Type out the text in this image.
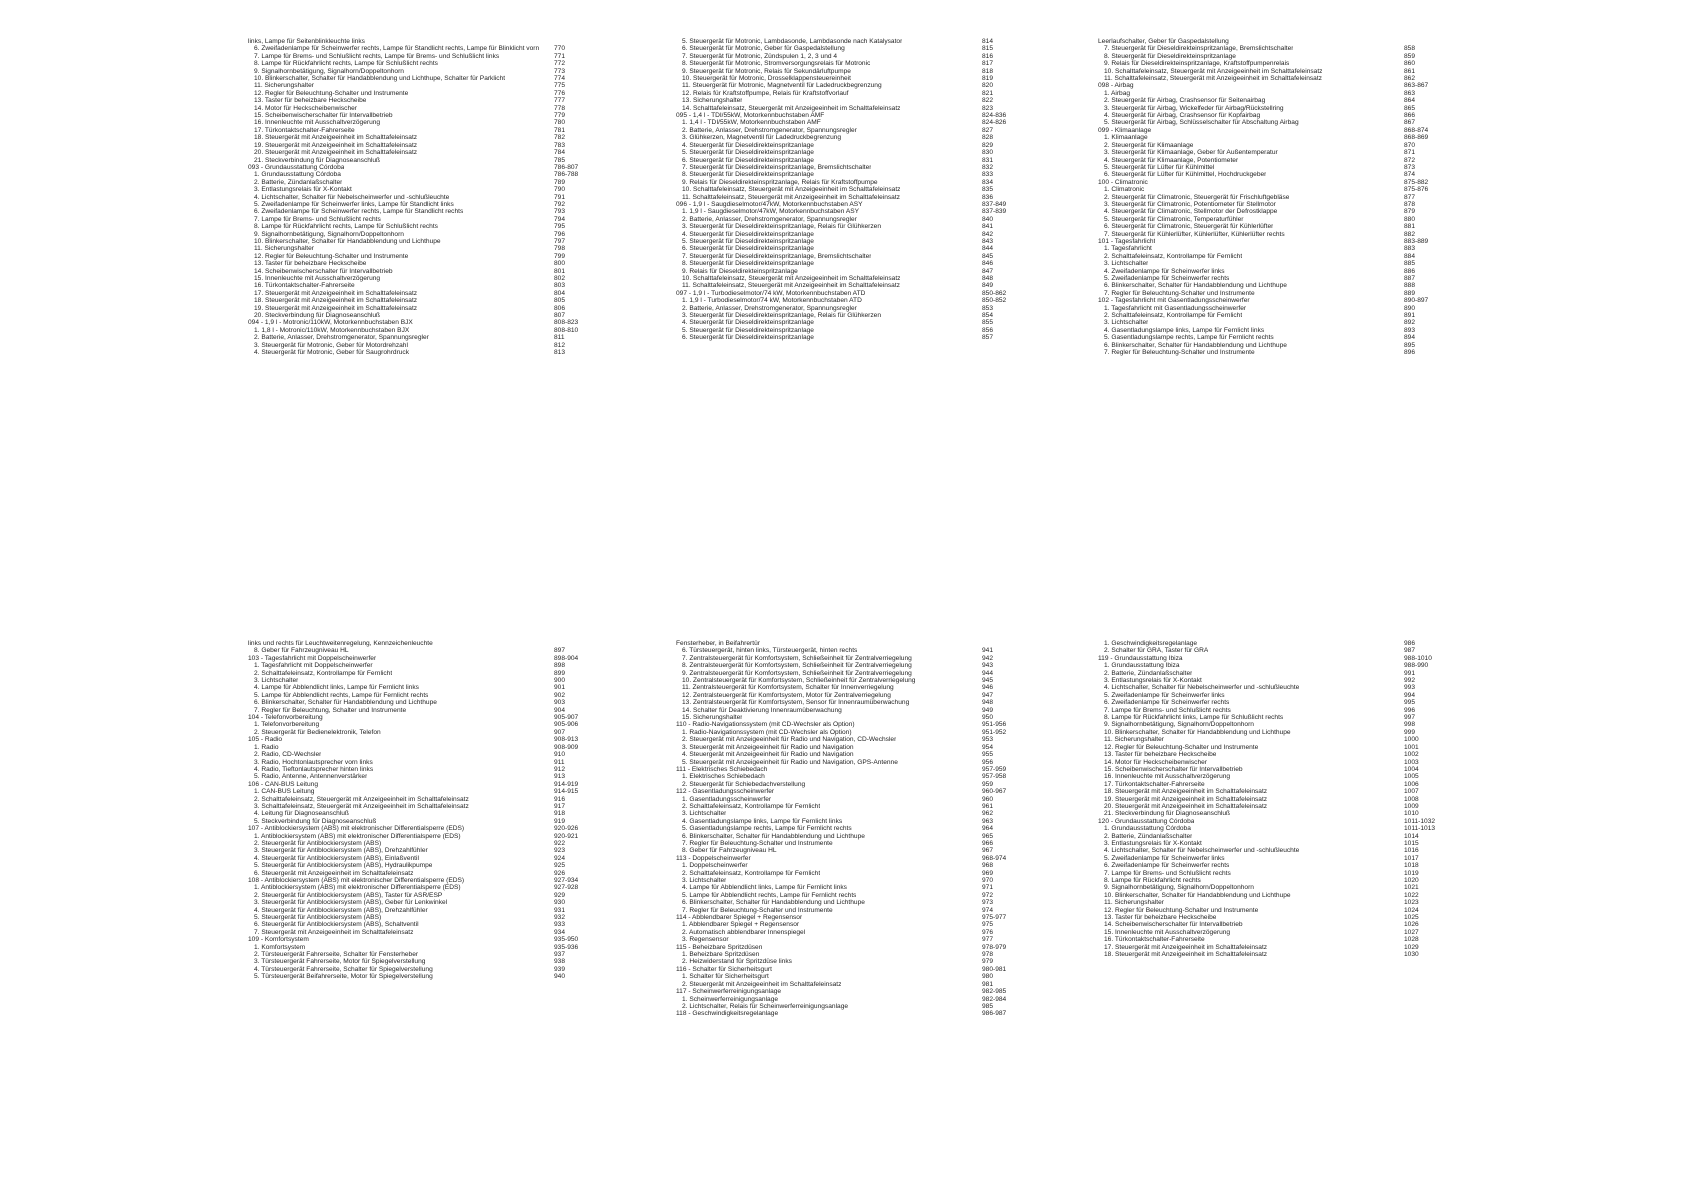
links, Lampe für Seitenblinkleuchte links
6. Zweifadenlampe für Scheinwerfer rechts, Lampe für Standlicht rechts, Lampe für Blinklicht vorn 770
7. Lampe für Brems- und Schlußlicht rechts, Lampe für Brems- und Schlußlicht links	771
8. Lampe für Rückfahrlicht rechts, Lampe für Schlußlicht rechts	772
9. Signalhornbetätigung, Signalhorn/Doppeltonhorn	773
10. Blinkerschalter, Schalter für Handabblendung und Lichthupe, Schalter für Parklicht	774
11. Sicherungshalter	775
12. Regler für Beleuchtung-Schalter und Instrumente	776
13. Taster für beheizbare Heckscheibe	777
14. Motor für Heckscheibenwischer	778
15. Scheibenwischerschalter für Intervallbetrieb	779
16. Innenleuchte mit Ausschaltverzögerung	780
17. Türkontaktschalter-Fahrerseite	781
18. Steuergerät mit Anzeigeeinheit im Schalttafeleinsatz	782
19. Steuergerät mit Anzeigeeinheit im Schalttafeleinsatz	783
20. Steuergerät mit Anzeigeeinheit im Schalttafeleinsatz	784
21. Steckverbindung für Diagnoseanschluß	785
093 - Grundausstattung Córdoba	786-807
1. Grundausstattung Córdoba	786-788
2. Batterie, Zündanlaßschalter	789
3. Entlastungsrelais für X-Kontakt	790
4. Lichtschalter, Schalter für Nebelscheinwerfer und -schlußleuchte	791
5. Zweifadenlampe für Scheinwerfer links, Lampe für Standlicht links	792
6. Zweifadenlampe für Scheinwerfer rechts, Lampe für Standlicht rechts	793
7. Lampe für Brems- und Schlußlicht rechts	794
8. Lampe für Rückfahrlicht rechts, Lampe für Schlußlicht rechts	795
9. Signalhornbetätigung, Signalhorn/Doppeltonhorn	796
10. Blinkerschalter, Schalter für Handabblendung und Lichthupe	797
11. Sicherungshalter	798
12. Regler für Beleuchtung-Schalter und Instrumente	799
13. Taster für beheizbare Heckscheibe	800
14. Scheibenwischerschalter für Intervallbetrieb	801
15. Innenleuchte mit Ausschaltverzögerung	802
16. Türkontaktschalter-Fahrerseite	803
17. Steuergerät mit Anzeigeeinheit im Schalttafeleinsatz	804
18. Steuergerät mit Anzeigeeinheit im Schalttafeleinsatz	805
19. Steuergerät mit Anzeigeeinheit im Schalttafeleinsatz	806
20. Steckverbindung für Diagnoseanschluß	807
094 - 1,9 l - Motronic/110kW, Motorkennbuchstaben BJX	808-823
1. 1,8 l - Motronic/110kW, Motorkennbuchstaben BJX	808-810
2. Batterie, Anlasser, Drehstromgenerator, Spannungsregler	811
3. Steuergerät für Motronic, Geber für Motordrehzahl	812
4. Steuergerät für Motronic, Geber für Saugrohrdruck	813
5. Steuergerät für Motronic, Lambdasonde, Lambdasonde nach Katalysator	814
6. Steuergerät für Motronic, Geber für Gaspedalstellung	815
7. Steuergerät für Motronic, Zündspulen 1, 2, 3 und 4	816
8. Steuergerät für Motronic, Stromversorgungsrelais für Motronic	817
9. Steuergerät für Motronic, Relais für Sekundärluftpumpe	818
10. Steuergerät für Motronic, Drosselklappensteuereinheit	819
11. Steuergerät für Motronic, Magnetventil für Ladedruckbegrenzung	820
12. Relais für Kraftstoffpumpe, Relais für Kraftstoffvorlauf	821
13. Sicherungshalter	822
14. Schalttafeleinsatz, Steuergerät mit Anzeigeeinheit im Schalttafeleinsatz	823
095 - 1,4 l - TDI/55kW, Motorkennbuchstaben AMF	824-836
1. 1,4 l - TDI/55kW, Motorkennbuchstaben AMF	824-826
2. Batterie, Anlasser, Drehstromgenerator, Spannungsregler	827
3. Glühkerzen, Magnetventil für Ladedruckbegrenzung	828
4. Steuergerät für Dieseldirekteinspritzanlage	829
5. Steuergerät für Dieseldirekteinspritzanlage	830
6. Steuergerät für Dieseldirekteinspritzanlage	831
7. Steuergerät für Dieseldirekteinspritzanlage, Bremslichtschalter	832
8. Steuergerät für Dieseldirekteinspritzanlage	833
9. Relais für Dieseldirekteinspritzanlage, Relais für Kraftstoffpumpe	834
10. Schalttafeleinsatz, Steuergerät mit Anzeigeeinheit im Schalttafeleinsatz	835
11. Schalttafeleinsatz, Steuergerät mit Anzeigeeinheit im Schalttafeleinsatz	836
096 - 1,9 l - Saugdieselmotor/47kW, Motorkennbuchstaben ASY	837-849
1. 1,9 l - Saugdieselmotor/47kW, Motorkennbuchstaben ASY	837-839
2. Batterie, Anlasser, Drehstromgenerator, Spannungsregler	840
3. Steuergerät für Dieseldirekteinspritzanlage, Relais für Glühkerzen	841
4. Steuergerät für Dieseldirekteinspritzanlage	842
5. Steuergerät für Dieseldirekteinspritzanlage	843
6. Steuergerät für Dieseldirekteinspritzanlage	844
7. Steuergerät für Dieseldirekteinspritzanlage, Bremslichtschalter	845
8. Steuergerät für Dieseldirekteinspritzanlage	846
9. Relais für Dieseldirekteinspritzanlage	847
10. Schalttafeleinsatz, Steuergerät mit Anzeigeeinheit im Schalttafeleinsatz	848
11. Schalttafeleinsatz, Steuergerät mit Anzeigeeinheit im Schalttafeleinsatz	849
097 - 1,9 l - Turbodieselmotor/74 kW, Motorkennbuchstaben ATD	850-862
1. 1,9 l - Turbodieselmotor/74 kW, Motorkennbuchstaben ATD	850-852
2. Batterie, Anlasser, Drehstromgenerator, Spannungsregler	853
3. Steuergerät für Dieseldirekteinspritzanlage, Relais für Glühkerzen	854
4. Steuergerät für Dieseldirekteinspritzanlage	855
5. Steuergerät für Dieseldirekteinspritzanlage	856
6. Steuergerät für Dieseldirekteinspritzanlage	857
Leerlaufschalter, Geber für Gaspedalstellung
7. Steuergerät für Dieseldirekteinspritzanlage, Bremslichtschalter	858
8. Steuergerät für Dieseldirekteinspritzanlage	859
9. Relais für Dieseldirekteinspritzanlage, Kraftstoffpumpenrelais	860
10. Schalttafeleinsatz, Steuergerät mit Anzeigeeinheit im Schalttafeleinsatz	861
11. Schalttafeleinsatz, Steuergerät mit Anzeigeeinheit im Schalttafeleinsatz	862
098 - Airbag	863-867
1. Airbag	863
2. Steuergerät für Airbag, Crashsensor für Seitenairbag	864
3. Steuergerät für Airbag, Wickelfeder für Airbag/Rückstellring	865
4. Steuergerät für Airbag, Crashsensor für Kopfairbag	866
5. Steuergerät für Airbag, Schlüsselschalter für Abschaltung Airbag	867
099 - Klimaanlage	868-874
1. Klimaanlage	868-869
2. Steuergerät für Klimaanlage	870
3. Steuergerät für Klimaanlage, Geber für Außentemperatur	871
4. Steuergerät für Klimaanlage, Potentiometer	872
5. Steuergerät für Lüfter für Kühlmittel	873
6. Steuergerät für Lüfter für Kühlmittel, Hochdruckgeber	874
100 - Climatronic	875-882
1. Climatronic	875-876
2. Steuergerät für Climatronic, Steuergerät für Frischluftgebläse	877
3. Steuergerät für Climatronic, Potentiometer für Stellmotor	878
4. Steuergerät für Climatronic, Stellmotor der Defrostklappe	879
5. Steuergerät für Climatronic, Temperaturfühler	880
6. Steuergerät für Climatronic, Steuergerät für Kühlerlüfter	881
7. Steuergerät für Kühlerlüfter, Kühlerlüfter, Kühlerlüfter rechts	882
101 - Tagesfahrlicht	883-889
1. Tagesfahrlicht	883
2. Schalttafeleinsatz, Kontrollampe für Fernlicht	884
3. Lichtschalter	885
4. Zweifadenlampe für Scheinwerfer links	886
5. Zweifadenlampe für Scheinwerfer rechts	887
6. Blinkerschalter, Schalter für Handabblendung und Lichthupe	888
7. Regler für Beleuchtung-Schalter und Instrumente	889
102 - Tagesfahrlicht mit Gasentladungsscheinwerfer	890-897
1. Tagesfahrlicht mit Gasentladungsscheinwerfer	890
2. Schalttafeleinsatz, Kontrollampe für Fernlicht	891
3. Lichtschalter	892
4. Gasentladungslampe links, Lampe für Fernlicht links	893
5. Gasentladungslampe rechts, Lampe für Fernlicht rechts	894
6. Blinkerschalter, Schalter für Handabblendung und Lichthupe	895
7. Regler für Beleuchtung-Schalter und Instrumente	896
links und rechts für Leuchtweitenregelung, Kennzeichenleuchte
8. Geber für Fahrzeugniveau HL	897
103 - Tagesfahrlicht mit Doppelscheinwerfer	898-904
1. Tagesfahrlicht mit Doppelscheinwerfer	898
2. Schalttafeleinsatz, Kontrollampe für Fernlicht	899
3. Lichtschalter	900
4. Lampe für Abblendlicht links, Lampe für Fernlicht links	901
5. Lampe für Abblendlicht rechts, Lampe für Fernlicht rechts	902
6. Blinkerschalter, Schalter für Handabblendung und Lichthupe	903
7. Regler für Beleuchtung, Schalter und Instrumente	904
104 - Telefonvorbereitung	905-907
1. Telefonvorbereitung	905-906
2. Steuergerät für Bedienelektronik, Telefon	907
105 - Radio	908-913
1. Radio	908-909
2. Radio, CD-Wechsler	910
3. Radio, Hochtonlautsprecher vorn links	911
4. Radio, Tieftonlautsprecher hinten links	912
5. Radio, Antenne, Antennenverstärker	913
106 - CAN-BUS Leitung	914-919
1. CAN-BUS Leitung	914-915
2. Schalttafeleinsatz, Steuergerät mit Anzeigeeinheit im Schalttafeleinsatz	916
3. Schalttafeleinsatz, Steuergerät mit Anzeigeeinheit im Schalttafeleinsatz	917
4. Leitung für Diagnoseanschluß	918
5. Steckverbindung für Diagnoseanschluß	919
107 - Antiblockiersystem (ABS) mit elektronischer Differentialsperre (EDS)	920-926
1. Antiblockiersystem (ABS) mit elektronischer Differentialsperre (EDS)	920-921
2. Steuergerät für Antiblockiersystem (ABS)	922
3. Steuergerät für Antiblockiersystem (ABS), Drehzahlfühler	923
4. Steuergerät für Antiblockiersystem (ABS), Einlaßventil	924
5. Steuergerät für Antiblockiersystem (ABS), Hydraulikpumpe	925
6. Steuergerät mit Anzeigeeinheit im Schalttafeleinsatz	926
108 - Antiblockiersystem (ABS) mit elektronischer Differentialsperre (EDS)	927-934
1. Antiblockiersystem (ABS) mit elektronischer Differentialsperre (EDS)	927-928
2. Steuergerät für Antiblockiersystem (ABS), Taster für ASR/ESP	929
3. Steuergerät für Antiblockiersystem (ABS), Geber für Lenkwinkel	930
4. Steuergerät für Antiblockiersystem (ABS), Drehzahlfühler	931
5. Steuergerät für Antiblockiersystem (ABS)	932
6. Steuergerät für Antiblockiersystem (ABS), Schaltventil	933
7. Steuergerät mit Anzeigeeinheit im Schalttafeleinsatz	934
109 - Komfortsystem	935-950
1. Komfortsystem	935-936
2. Türsteuergerät Fahrerseite, Schalter für Fensterheber	937
3. Türsteuergerät Fahrerseite, Motor für Spiegelverstellung	938
4. Türsteuergerät Fahrerseite, Schalter für Spiegelverstellung	939
5. Türsteuergerät Beifahrerseite, Motor für Spiegelverstellung	940
Fensterheber, in Beifahrertür
6. Türsteuergerät, hinten links, Türsteuergerät, hinten rechts	941
7. Zentralsteuergerät für Komfortsystem, Schließeinheit für Zentralverriegelung	942
8. Zentralsteuergerät für Komfortsystem, Schließeinheit für Zentralverriegelung	943
9. Zentralsteuergerät für Komfortsystem, Schließeinheit für Zentralverriegelung	944
10. Zentralsteuergerät für Komfortsystem, Schließeinheit für Zentralverriegelung	945
11. Zentralsteuergerät für Komfortsystem, Schalter für Innenverriegelung	946
12. Zentralsteuergerät für Komfortsystem, Motor für Zentralverriegelung	947
13. Zentralsteuergerät für Komfortsystem, Sensor für Innenraumüberwachung	948
14. Schalter für Deaktivierung Innenraumüberwachung	949
15. Sicherungshalter	950
110 - Radio-Navigationssystem (mit CD-Wechsler als Option)	951-956
1. Radio-Navigationssystem (mit CD-Wechsler als Option)	951-952
2. Steuergerät mit Anzeigeeinheit für Radio und Navigation, CD-Wechsler	953
3. Steuergerät mit Anzeigeeinheit für Radio und Navigation	954
4. Steuergerät mit Anzeigeeinheit für Radio und Navigation	955
5. Steuergerät mit Anzeigeeinheit für Radio und Navigation, GPS-Antenne	956
111 - Elektrisches Schiebedach	957-959
1. Elektrisches Schiebedach	957-958
2. Steuergerät für Schiebedachverstellung	959
112 - Gasentladungsscheinwerfer	960-967
1. Gasentladungsscheinwerfer	960
2. Schalttafeleinsatz, Kontrollampe für Fernlicht	961
3. Lichtschalter	962
4. Gasentladungslampe links, Lampe für Fernlicht links	963
5. Gasentladungslampe rechts, Lampe für Fernlicht rechts	964
6. Blinkerschalter, Schalter für Handabblendung und Lichthupe	965
7. Regler für Beleuchtung-Schalter und Instrumente	966
8. Geber für Fahrzeugniveau HL	967
113 - Doppelscheinwerfer	968-974
1. Doppelscheinwerfer	968
2. Schalttafeleinsatz, Kontrollampe für Fernlicht	969
3. Lichtschalter	970
4. Lampe für Abblendlicht links, Lampe für Fernlicht links	971
5. Lampe für Abblendlicht rechts, Lampe für Fernlicht rechts	972
6. Blinkerschalter, Schalter für Handabblendung und Lichthupe	973
7. Regler für Beleuchtung-Schalter und Instrumente	974
114 - Abblendbarer Spiegel + Regensensor	975-977
1. Abblendbarer Spiegel + Regensensor	975
2. Automatisch abblendbarer Innenspiegel	976
3. Regensensor	977
115 - Beheizbare Spritzdüsen	978-979
1. Beheizbare Spritzdüsen	978
2. Heizwiderstand für Spritzdüse links	979
116 - Schalter für Sicherheitsgurt	980-981
1. Schalter für Sicherheitsgurt	980
2. Steuergerät mit Anzeigeeinheit im Schalttafeleinsatz	981
117 - Scheinwerferreinigungsanlage	982-985
1. Scheinwerferreinigungsanlage	982-984
2. Lichtschalter, Relais für Scheinwerferreinigungsanlage	985
118 - Geschwindigkeitsregelanlage	986-987
1. Geschwindigkeitsregelanlage	986
2. Schalter für GRA, Taster für GRA	987
119 - Grundausstattung Ibiza	988-1010
1. Grundausstattung Ibiza	988-990
2. Batterie, Zündanlaßschalter	991
3. Entlastungsrelais für X-Kontakt	992
4. Lichtschalter, Schalter für Nebelscheinwerfer und -schlußleuchte	993
5. Zweifadenlampe für Scheinwerfer links	994
6. Zweifadenlampe für Scheinwerfer rechts	995
7. Lampe für Brems- und Schlußlicht rechts	996
8. Lampe für Rückfahrlicht links, Lampe für Schlußlicht rechts	997
9. Signalhornbetätigung, Signalhorn/Doppeltonhorn	998
10. Blinkerschalter, Schalter für Handabblendung und Lichthupe	999
11. Sicherungshalter	1000
12. Regler für Beleuchtung-Schalter und Instrumente	1001
13. Taster für beheizbare Heckscheibe	1002
14. Motor für Heckscheibenwischer	1003
15. Scheibenwischerschalter für Intervallbetrieb	1004
16. Innenleuchte mit Ausschaltverzögerung	1005
17. Türkontaktschalter-Fahrerseite	1006
18. Steuergerät mit Anzeigeeinheit im Schalttafeleinsatz	1007
19. Steuergerät mit Anzeigeeinheit im Schalttafeleinsatz	1008
20. Steuergerät mit Anzeigeeinheit im Schalttafeleinsatz	1009
21. Steckverbindung für Diagnoseanschluß	1010
120 - Grundausstattung Córdoba	1011-1032
1. Grundausstattung Córdoba	1011-1013
2. Batterie, Zündanlaßschalter	1014
3. Entlastungsrelais für X-Kontakt	1015
4. Lichtschalter, Schalter für Nebelscheinwerfer und -schlußleuchte	1016
5. Zweifadenlampe für Scheinwerfer links	1017
6. Zweifadenlampe für Scheinwerfer rechts	1018
7. Lampe für Brems- und Schlußlicht rechts	1019
8. Lampe für Rückfahrlicht rechts	1020
9. Signalhornbetätigung, Signalhorn/Doppeltonhorn	1021
10. Blinkerschalter, Schalter für Handabblendung und Lichthupe	1022
11. Sicherungshalter	1023
12. Regler für Beleuchtung-Schalter und Instrumente	1024
13. Taster für beheizbare Heckscheibe	1025
14. Scheibenwischerschalter für Intervallbetrieb	1026
15. Innenleuchte mit Ausschaltverzögerung	1027
16. Türkontaktschalter-Fahrerseite	1028
17. Steuergerät mit Anzeigeeinheit im Schalttafeleinsatz	1029
18. Steuergerät mit Anzeigeeinheit im Schalttafeleinsatz	1030
